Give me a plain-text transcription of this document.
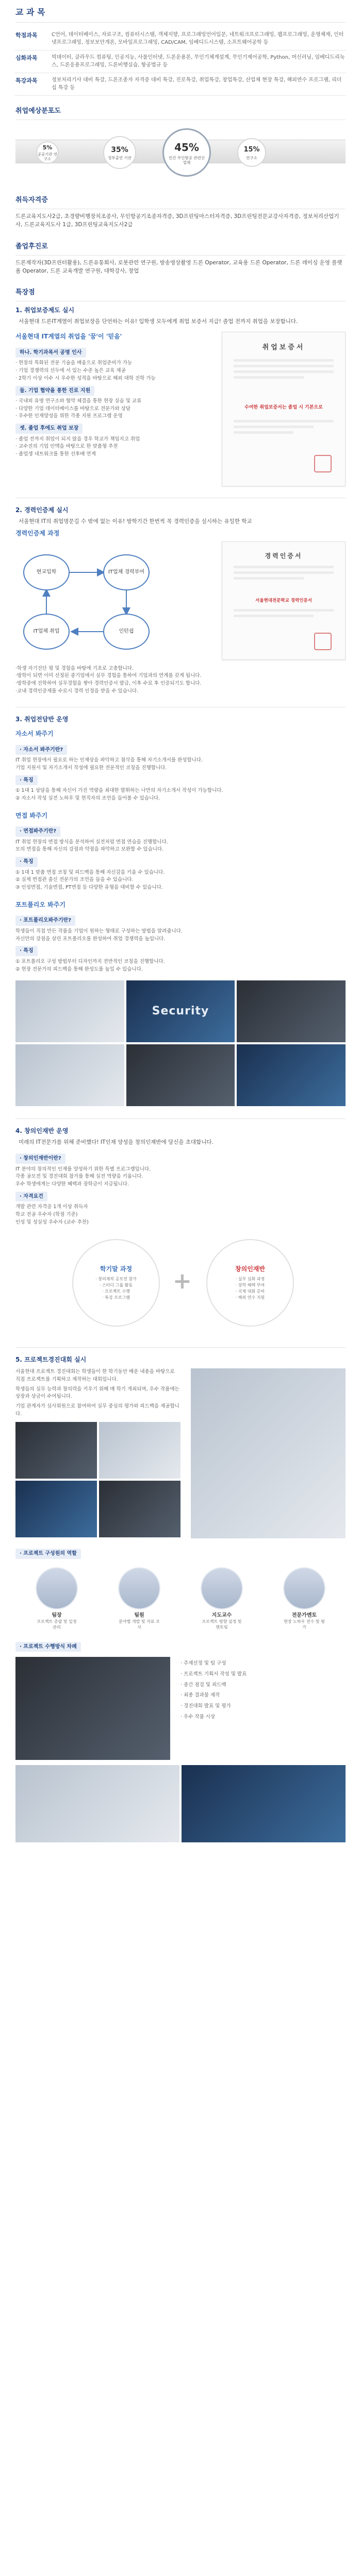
교 과 목
학점과목	C언어, 데이터베이스, 자료구조, 컴퓨터시스템, 객체지향, 프로그래밍언어입문, 네트워크프로그래밍, 웹프로그래밍, 운영체제, 인터넷프로그래밍, 정보보안개론, 모바일프로그래밍, CAD/CAM, 임베디드시스템, 소프트웨어공학 등
심화과목	빅데이터, 클라우드 컴퓨팅, 인공지능, 사물인터넷, 드론운용론, 무인기체계설계, 무인기제어공학, Python, 머신러닝, 임베디드리눅스, 드론응용프로그래밍, 드론비행실습, 항공법규 등
특강과목	정보처리기사 대비 특강, 드론조종자 자격증 대비 특강, 진로특강, 취업특강, 창업특강, 산업체 현장 특강, 해외연수 프로그램, 리더십 특강 등
취업예상분포도
5%
공공기관 연구소
35%
정부출연 기관
45%
민간 무인항공 관련산업체
15%
연구소
취득자격증
드론교육지도사2급, 초경량비행장치조종사, 무인항공기조종자격증, 3D프린팅마스터자격증, 3D프린팅전문교강사자격증, 정보처리산업기사, 드론교육지도사 1급, 3D프린팅교육지도사2급
졸업후진로
드론제작자(3D프린터활용), 드론유통회사, 로봇관련 연구원, 방송영상촬영 드론 Operator, 교육용 드론 Operator, 드론 레이싱 운영 플랫폼 Operator, 드론 교육개발 연구원, 대학강사, 창업
특장점
1. 취업보증제도 실시
서울현대 드론IT계열이 취업보장을 단언하는 이유! 입학생 모두에게 취업 보증서 지급! 졸업 전까지 취업을 보장합니다.
서울현대 IT계열의 취업을 '꿈'이 '믿음'
하나. 학기과목서 공명 인사
· 현장의 특화된 전문 기술을 배움으로 취업준비가 가능
· 기업 경쟁력의 선두에 서 있는 수준 높은 교육 제공
· 2학기 이상 이수 시 우수한 성적을 바탕으로 해외 대학 진학 가능
둘. 기업 협약을 통한 진로 지원
· 국내외 유명 연구소와 협약 체결을 통한 현장 실습 및 교류
· 다양한 기업 데이터베이스를 바탕으로 전문가와 상담
· 우수한 인재양성을 위한 각종 지원 프로그램 운영
셋. 졸업 후에도 취업 보장
· 졸업 전까지 취업이 되지 않을 경우 학교가 책임지고 취업
· 교수진의 기업 인맥을 바탕으로 한 맞춤형 추천
· 졸업생 네트워크를 통한 선후배 연계
취업보증서
수여한 취업보증서는 졸업 시 기본으로
2. 경력인증제 실시
서울현대 IT의 취업명문길 수 밖에 없는 이유! 방학기간 한번씩 꼭 경력인증을 실시하는 유일한 학교
경력인증제 과정
현교입학	IT업체 경력부여
인턴쉽
IT업체 취업
경력인증서
서울현대전문학교 경력인증서
·학생 자기진단 평 및 경험을 바탕에 기초로 고충합니다.
·방학이 되면 이미 선정된 중기업에서 실무 경험을 통하여 기업과의 연계를 갖게 됩니다.
·방학중에 진학하여 실무경험을 쌓아 경력인증서 발급, 이후 수료 후 인증되기도 합니다.
·교내 경력인증제를 수료시 경력 인정을 받을 수 있습니다.
3. 취업전담반 운영
자소서 봐주기
· 자소서 봐주기란?
IT 취업 현장에서 필요로 하는 인재상을 파악하고 첨삭을 통해 자기소개서를 완성합니다.
기업 지원서 및 자기소개서 작성에 필요한 전문적인 코칭을 진행합니다.
· 특징
① 1대 1 상담을 통해 자신이 가진 역량을 최대한 발휘하는 나만의 자기소개서 작성이 가능합니다.
② 자소서 작성 실전 노하우 및 현직자의 조언을 들어볼 수 있습니다.
면접 봐주기
· 면접봐주기란?
IT 취업 현장의 면접 방식을 분석하여 실전처럼 면접 연습을 진행합니다.
모의 면접을 통해 자신의 강점과 약점을 파악하고 보완할 수 있습니다.
· 특징
① 1대 1 맞춤 면접 코칭 및 피드백을 통해 자신감을 키울 수 있습니다.
② 실제 면접관 출신 전문가의 조언을 들을 수 있습니다.
③ 인성면접, 기술면접, PT면접 등 다양한 유형을 대비할 수 있습니다.
포트폴리오 봐주기
· 포트폴리오봐주기란?
학생들이 직접 만든 작품을 기업이 원하는 형태로 구성하는 방법을 알려줍니다.
자신만의 강점을 살린 포트폴리오를 완성하여 취업 경쟁력을 높입니다.
· 특징
① 포트폴리오 구성 방법부터 디자인까지 전반적인 코칭을 진행합니다.
② 현장 전문가의 피드백을 통해 완성도를 높일 수 있습니다.
Security
4. 창의인재반 운영
미래의 IT전문가를 위해 준비했다! IT인재 양성을 창의인재반에 당신을 초대합니다.
· 창의인재반이란?
IT 분야의 창의적인 인재를 양성하기 위한 특별 프로그램입니다.
각종 공모전 및 경진대회 참가를 통해 실전 역량을 키웁니다.
우수 학생에게는 다양한 혜택과 장학금이 지급됩니다.
· 자격요건
개발 관련 자격증 1개 이상 취득자
학교 전공 우수자 (학점 기준)
인성 및 성실성 우수자 (교수 추천)
학기말 과정
· 창의제작 공모전 참가
· 스터디 그룹 활동
· 프로젝트 수행
· 특강 프로그램
+	창의인재반
· 실무 심화 과정
· 장학 혜택 부여
· 국제 대회 준비
· 해외 연수 지원
5. 프로젝트경진대회 실시
서울현대 프로젝트 경진대회는 학생들이 한 학기동안 배운 내용을 바탕으로 직접 프로젝트를 기획하고 제작하는 대회입니다.
학생들의 실무 능력과 창의력을 키우기 위해 매 학기 개최되며, 우수 작품에는 상장과 상금이 수여됩니다.
기업 관계자가 심사위원으로 참여하여 실무 중심의 평가와 피드백을 제공합니다.
· 프로젝트 구성원의 역할
팀장
프로젝트 총괄 및 일정 관리
팀원
분야별 개발 및 자료 조사
지도교수
프로젝트 방향 설정 및 멘토링
전문가멘토
현장 노하우 전수 및 평가
· 프로젝트 수행방식 차례
· 주제선정 및 팀 구성
· 프로젝트 기획서 작성 및 발표
· 중간 점검 및 피드백
· 최종 결과물 제작
· 경진대회 발표 및 평가
· 우수 작품 시상
